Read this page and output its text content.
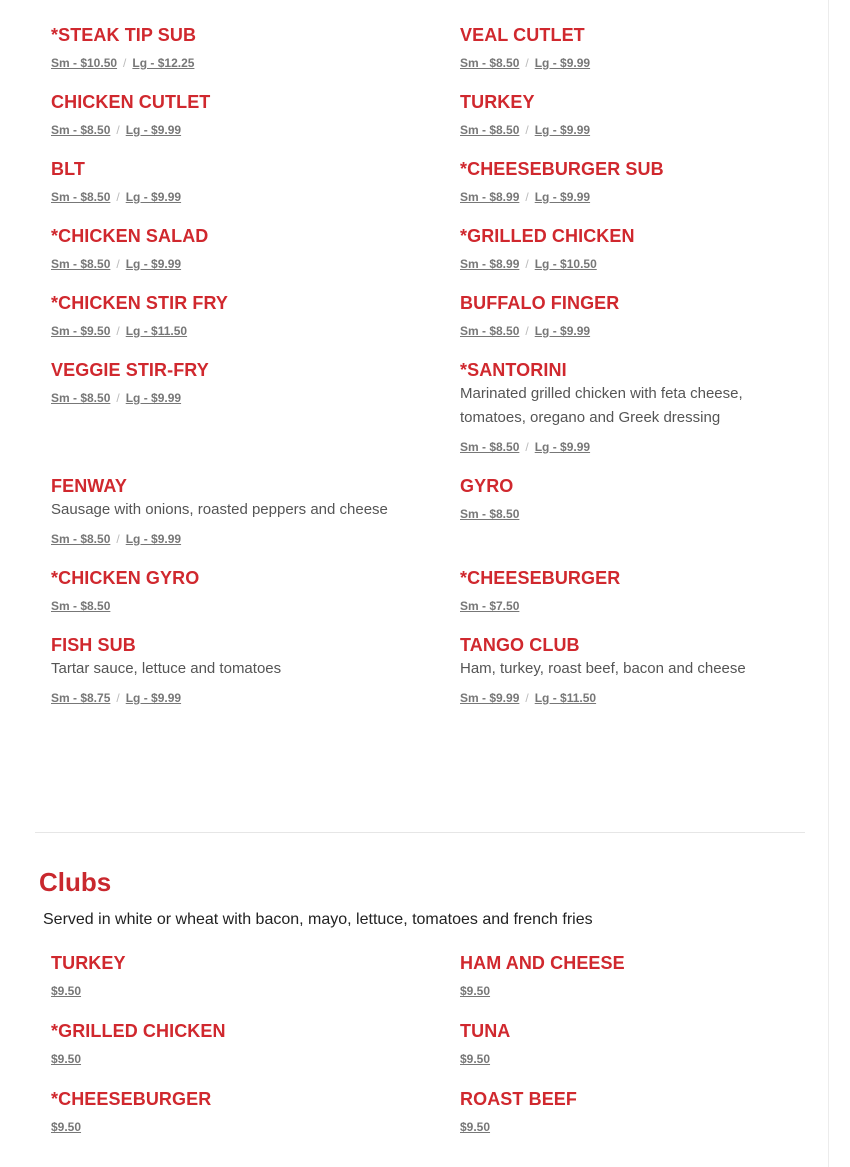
*STEAK TIP SUB
Sm - $10.50 / Lg - $12.25
VEAL CUTLET
Sm - $8.50 / Lg - $9.99
CHICKEN CUTLET
Sm - $8.50 / Lg - $9.99
TURKEY
Sm - $8.50 / Lg - $9.99
BLT
Sm - $8.50 / Lg - $9.99
*CHEESEBURGER SUB
Sm - $8.99 / Lg - $9.99
*CHICKEN SALAD
Sm - $8.50 / Lg - $9.99
*GRILLED CHICKEN
Sm - $8.99 / Lg - $10.50
*CHICKEN STIR FRY
Sm - $9.50 / Lg - $11.50
BUFFALO FINGER
Sm - $8.50 / Lg - $9.99
VEGGIE STIR-FRY
Sm - $8.50 / Lg - $9.99
*SANTORINI
Marinated grilled chicken with feta cheese, tomatoes, oregano and Greek dressing
Sm - $8.50 / Lg - $9.99
FENWAY
Sausage with onions, roasted peppers and cheese
Sm - $8.50 / Lg - $9.99
GYRO
Sm - $8.50
*CHICKEN GYRO
Sm - $8.50
*CHEESEBURGER
Sm - $7.50
FISH SUB
Tartar sauce, lettuce and tomatoes
Sm - $8.75 / Lg - $9.99
TANGO CLUB
Ham, turkey, roast beef, bacon and cheese
Sm - $9.99 / Lg - $11.50
Clubs

Served in white or wheat with bacon, mayo, lettuce, tomatoes and french fries

TURKEY
$9.50
HAM AND CHEESE
$9.50
*GRILLED CHICKEN
$9.50
TUNA
$9.50
*CHEESEBURGER
$9.50
ROAST BEEF
$9.50
